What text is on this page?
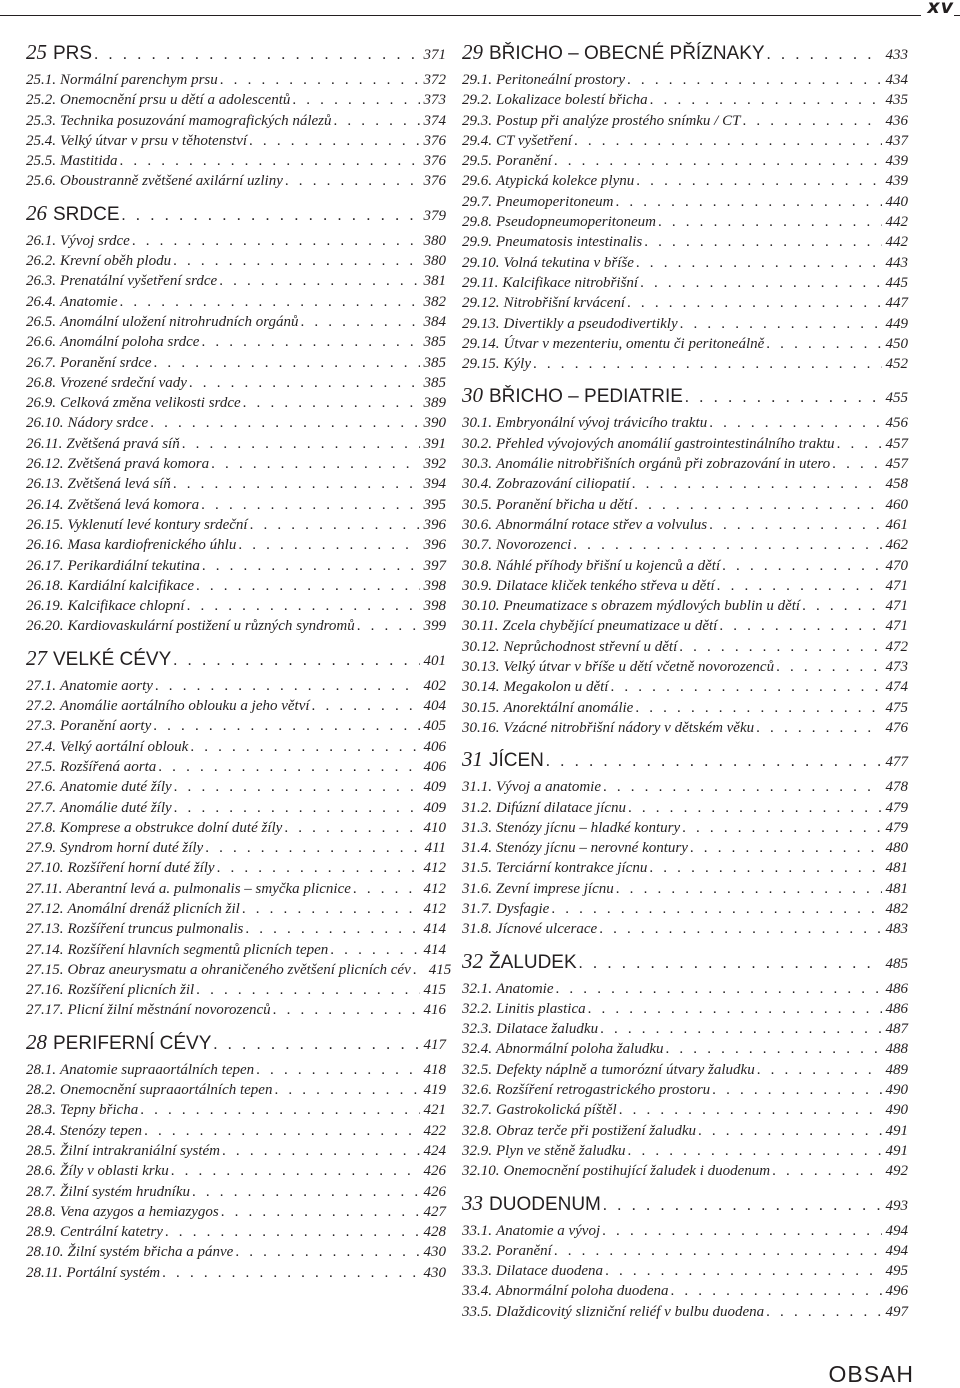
xv
25 PRS . . .	371
25.1. Normální parenchym prsu . . .	372
25.2. Onemocnění prsu u dětí a adolescentů . . .	373
25.3. Technika posuzování mamografických nálezů . . .	374
25.4. Velký útvar v prsu v těhotenství . . .	376
25.5. Mastitida . . .	376
25.6. Oboustranně zvětšené axilární uzliny . . .	376
26 SRDCE . . .	379
26.1. Vývoj srdce . . .	380
26.2. Krevní oběh plodu . . .	380
26.3. Prenatální vyšetření srdce . . .	381
26.4. Anatomie . . .	382
26.5. Anomální uložení nitrohrudních orgánů . . .	384
26.6. Anomální poloha srdce . . .	385
26.7. Poranění srdce . . .	385
26.8. Vrozené srdeční vady . . .	385
26.9. Celková změna velikosti srdce . . .	389
26.10. Nádory srdce . . .	390
26.11. Zvětšená pravá síň . . .	391
26.12. Zvětšená pravá komora . . .	392
26.13. Zvětšená levá síň . . .	394
26.14. Zvětšená levá komora . . .	395
26.15. Vyklenutí levé kontury srdeční . . .	396
26.16. Masa kardiofrenického úhlu . . .	396
26.17. Perikardiální tekutina . . .	397
26.18. Kardiální kalcifikace . . .	398
26.19. Kalcifikace chlopní . . .	398
26.20. Kardiovaskulární postižení u různých syndromů . . .	399
27 VELKÉ CÉVY . . .	401
27.1. Anatomie aorty . . .	402
27.2. Anomálie aortálního oblouku a jeho větví . . .	404
27.3. Poranění aorty . . .	405
27.4. Velký aortální oblouk . . .	406
27.5. Rozšířená aorta . . .	406
27.6. Anatomie duté žíly . . .	409
27.7. Anomálie duté žíly . . .	409
27.8. Komprese a obstrukce dolní duté žíly . . .	410
27.9. Syndrom horní duté žíly . . .	411
27.10. Rozšíření horní duté žíly . . .	412
27.11. Aberantní levá a. pulmonalis – smyčka plicnice . . .	412
27.12. Anomální drenáž plicních žil . . .	412
27.13. Rozšíření truncus pulmonalis . . .	414
27.14. Rozšíření hlavních segmentů plicních tepen . . .	414
27.15. Obraz aneurysmatu a ohraničeného zvětšení plicních cév . . . 415
27.16. Rozšíření plicních žil . . .	415
27.17. Plicní žilní městnání novorozenců . . .	416
28 PERIFERNÍ CÉVY . . .	417
28.1. Anatomie supraaortálních tepen . . .	418
28.2. Onemocnění supraaortálních tepen . . .	419
28.3. Tepny břicha . . .	421
28.4. Stenózy tepen . . .	422
28.5. Žilní intrakraniální systém . . .	424
28.6. Žíly v oblasti krku . . .	426
28.7. Žilní systém hrudníku . . .	426
28.8. Vena azygos a hemiazygos . . .	427
28.9. Centrální katetry . . .	428
28.10. Žilní systém břicha a pánve . . .	430
28.11. Portální systém . . .	430
29 BŘICHO – OBECNÉ PŘÍZNAKY . . .	433
29.1. Peritoneální prostory . . .	434
29.2. Lokalizace bolestí břicha . . .	435
29.3. Postup při analýze prostého snímku / CT . . .	436
29.4. CT vyšetření . . .	437
29.5. Poranění . . .	439
29.6. Atypická kolekce plynu . . .	439
29.7. Pneumoperitoneum . . .	440
29.8. Pseudopneumoperitoneum . . .	442
29.9. Pneumatosis intestinalis . . .	442
29.10. Volná tekutina v bříše . . .	443
29.11. Kalcifikace nitrobřišní . . .	445
29.12. Nitrobřišní krvácení . . .	447
29.13. Divertikly a pseudodivertikly . . .	449
29.14. Útvar v mezenteriu, omentu či peritoneálně . . .	450
29.15. Kýly . . .	452
30 BŘICHO – PEDIATRIE . . .	455
30.1. Embryonální vývoj trávicího traktu . . .	456
30.2. Přehled vývojových anomálií gastrointestinálního traktu . . .	457
30.3. Anomálie nitrobřišních orgánů při zobrazování in utero . . .	457
30.4. Zobrazování ciliopatií . . .	458
30.5. Poranění břicha u dětí . . .	460
30.6. Abnormální rotace střev a volvulus . . .	461
30.7. Novorozenci . . .	462
30.8. Náhlé příhody břišní u kojenců a dětí . . .	470
30.9. Dilatace kliček tenkého střeva u dětí . . .	471
30.10. Pneumatizace s obrazem mýdlových bublin u dětí . . .	471
30.11. Zcela chybějící pneumatizace u dětí . . .	471
30.12. Neprůchodnost střevní u dětí . . .	472
30.13. Velký útvar v bříše u dětí včetně novorozenců . . .	473
30.14. Megakolon u dětí . . .	474
30.15. Anorektální anomálie . . .	475
30.16. Vzácné nitrobřišní nádory v dětském věku . . .	476
31 JÍCEN . . .	477
31.1. Vývoj a anatomie . . .	478
31.2. Difúzní dilatace jícnu . . .	479
31.3. Stenózy jícnu – hladké kontury . . .	479
31.4. Stenózy jícnu – nerovné kontury . . .	480
31.5. Terciární kontrakce jícnu . . .	481
31.6. Zevní imprese jícnu . . .	481
31.7. Dysfagie . . .	482
31.8. Jícnové ulcerace . . .	483
32 ŽALUDEK . . .	485
32.1. Anatomie . . .	486
32.2. Linitis plastica . . .	486
32.3. Dilatace žaludku . . .	487
32.4. Abnormální poloha žaludku . . .	488
32.5. Defekty náplně a tumorózní útvary žaludku . . .	489
32.6. Rozšíření retrogastrického prostoru . . .	490
32.7. Gastrokolická píštěl . . .	490
32.8. Obraz terče při postižení žaludku . . .	491
32.9. Plyn ve stěně žaludku . . .	491
32.10. Onemocnění postihující žaludek i duodenum . . .	492
33 DUODENUM . . .	493
33.1. Anatomie a vývoj . . .	494
33.2. Poranění . . .	494
33.3. Dilatace duodena . . .	495
33.4. Abnormální poloha duodena . . .	496
33.5. Dlaždicovitý slizniční reliéf v bulbu duodena . . .	497
OBSAH
